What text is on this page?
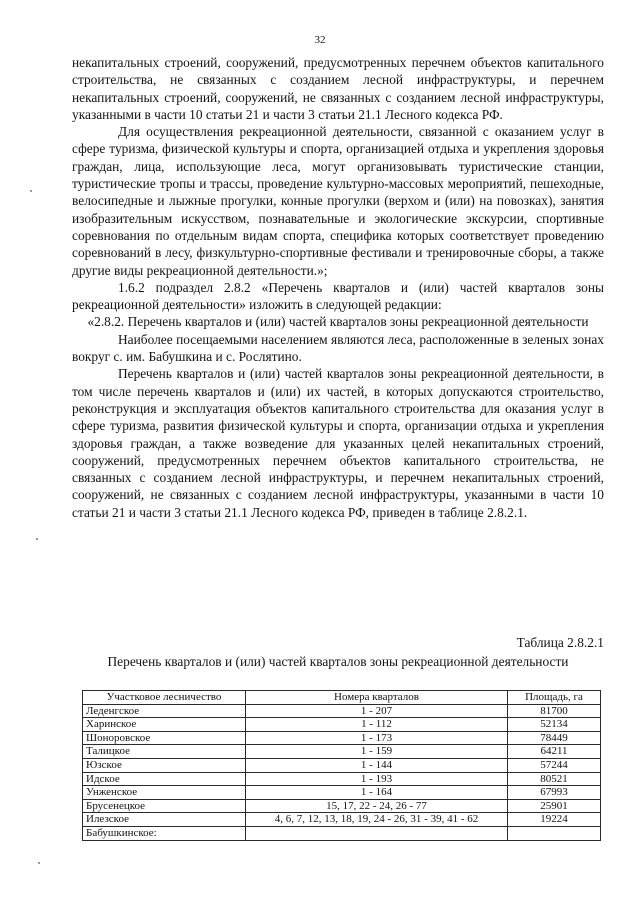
32

некапитальных строений, сооружений, предусмотренных перечнем объектов капитального строительства, не связанных с созданием лесной инфраструктуры, и перечнем некапитальных строений, сооружений, не связанных с созданием лесной инфраструктуры, указанными в части 10 статьи 21 и части 3 статьи 21.1 Лесного кодекса РФ.

Для осуществления рекреационной деятельности, связанной с оказанием услуг в сфере туризма, физической культуры и спорта, организацией отдыха и укрепления здоровья граждан, лица, использующие леса, могут организовывать туристические станции, туристические тропы и трассы, проведение культурно-массовых мероприятий, пешеходные, велосипедные и лыжные прогулки, конные прогулки (верхом и (или) на повозках), занятия изобразительным искусством, познавательные и экологические экскурсии, спортивные соревнования по отдельным видам спорта, специфика которых соответствует проведению соревнований в лесу, физкультурно-спортивные фестивали и тренировочные сборы, а также другие виды рекреационной деятельности.»;

1.6.2 подраздел 2.8.2 «Перечень кварталов и (или) частей кварталов зоны рекреационной деятельности» изложить в следующей редакции:

«2.8.2. Перечень кварталов и (или) частей кварталов зоны рекреационной деятельности

Наиболее посещаемыми населением являются леса, расположенные в зеленых зонах вокруг с. им. Бабушкина и с. Рослятино.

Перечень кварталов и (или) частей кварталов зоны рекреационной деятельности, в том числе перечень кварталов и (или) их частей, в которых допускаются строительство, реконструкция и эксплуатация объектов капитального строительства для оказания услуг в сфере туризма, развития физической культуры и спорта, организации отдыха и укрепления здоровья граждан, а также возведение для указанных целей некапитальных строений, сооружений, предусмотренных перечнем объектов капитального строительства, не связанных с созданием лесной инфраструктуры, и перечнем некапитальных строений, сооружений, не связанных с созданием лесной инфраструктуры, указанными в части 10 статьи 21 и части 3 статьи 21.1 Лесного кодекса РФ, приведен в таблице 2.8.2.1.

Таблица 2.8.2.1
Перечень кварталов и (или) частей кварталов зоны рекреационной деятельности
Участковое лесничество	Номера кварталов	Площадь, га
Леденгское	1 - 207	81700
Харинское	1 - 112	52134
Шоноровское	1 - 173	78449
Талицкое	1 - 159	64211
Юзское	1 - 144	57244
Идское	1 - 193	80521
Унженское	1 - 164	67993
Брусенецкое	15, 17, 22 - 24, 26 - 77	25901
Илезское	4, 6, 7, 12, 13, 18, 19, 24 - 26, 31 - 39, 41 - 62	19224
Бабушкинское:		
